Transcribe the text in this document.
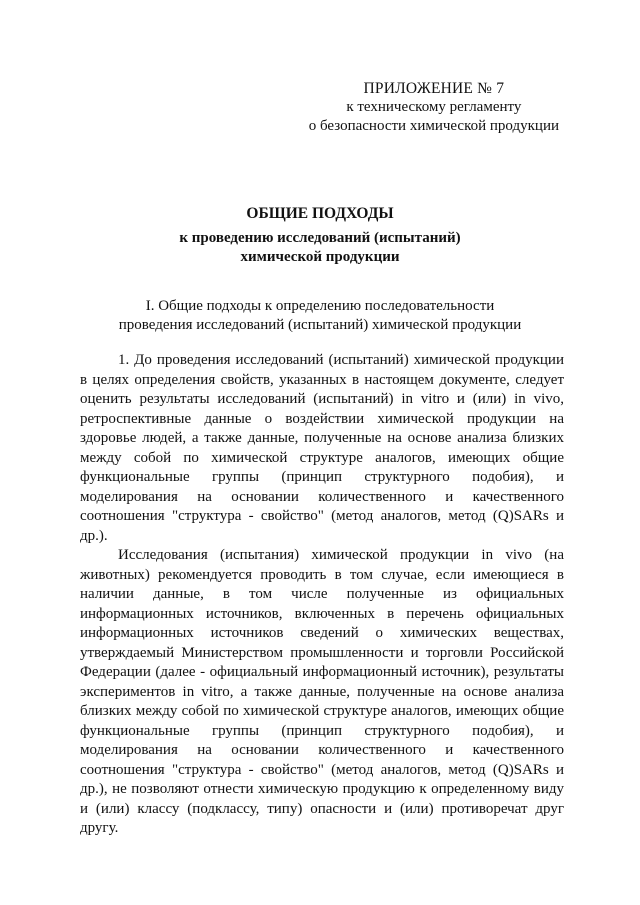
ПРИЛОЖЕНИЕ № 7
к техническому регламенту
о безопасности химической продукции
ОБЩИЕ ПОДХОДЫ
к проведению исследований (испытаний)
химической продукции
I. Общие подходы к определению последовательности
проведения исследований (испытаний) химической продукции

1. До проведения исследований (испытаний) химической продукции в целях определения свойств, указанных в настоящем документе, следует оценить результаты исследований (испытаний) in vitro и (или) in vivo, ретроспективные данные о воздействии химической продукции на здоровье людей, а также данные, полученные на основе анализа близких между собой по химической структуре аналогов, имеющих общие функциональные группы (принцип структурного подобия), и моделирования на основании количественного и качественного соотношения "структура - свойство" (метод аналогов, метод (Q)SARs и др.).

Исследования (испытания) химической продукции in vivo (на животных) рекомендуется проводить в том случае, если имеющиеся в наличии данные, в том числе полученные из официальных информационных источников, включенных в перечень официальных информационных источников сведений о химических веществах, утверждаемый Министерством промышленности и торговли Российской Федерации (далее - официальный информационный источник), результаты экспериментов in vitro, а также данные, полученные на основе анализа близких между собой по химической структуре аналогов, имеющих общие функциональные группы (принцип структурного подобия), и моделирования на основании количественного и качественного соотношения "структура - свойство" (метод аналогов, метод (Q)SARs и др.), не позволяют отнести химическую продукцию к определенному виду и (или) классу (подклассу, типу) опасности и (или) противоречат друг другу.
